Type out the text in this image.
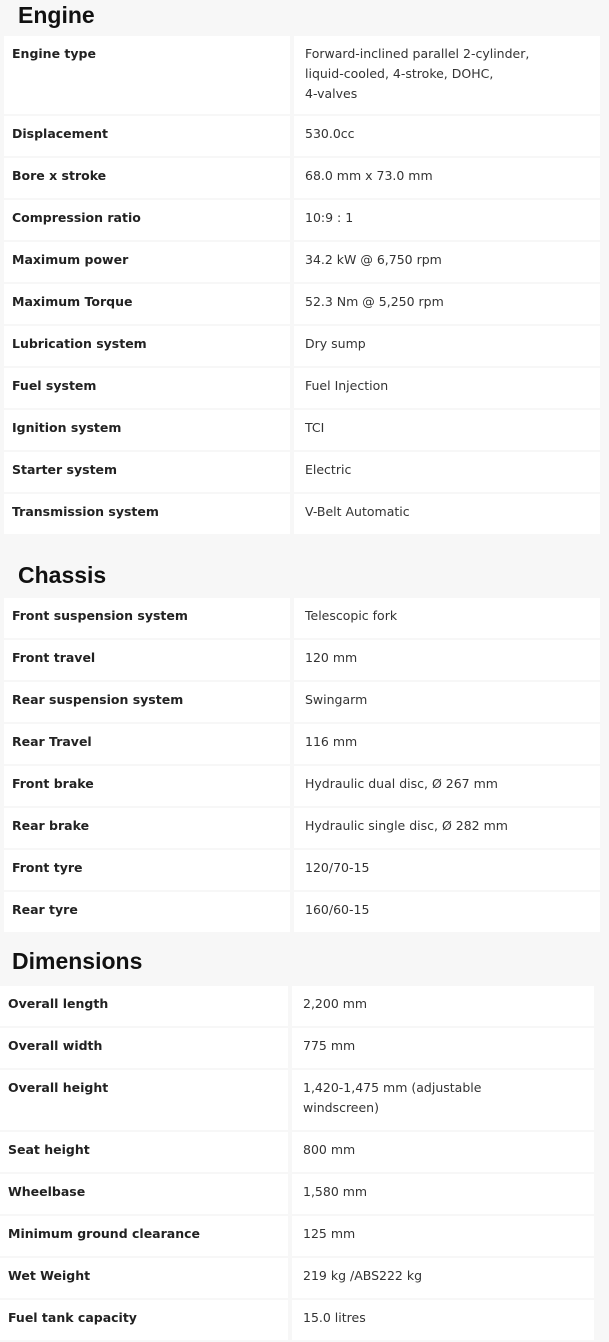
Engine
Engine type	Forward-inclined parallel 2-cylinder,
liquid-cooled, 4-stroke, DOHC,
4-valves
Displacement	530.0cc
Bore x stroke	68.0 mm x 73.0 mm
Compression ratio	10:9 : 1
Maximum power	34.2 kW @ 6,750 rpm
Maximum Torque	52.3 Nm @ 5,250 rpm
Lubrication system	Dry sump
Fuel system	Fuel Injection
Ignition system	TCI
Starter system	Electric
Transmission system	V-Belt Automatic
Chassis
Front suspension system	Telescopic fork
Front travel	120 mm
Rear suspension system	Swingarm
Rear Travel	116 mm
Front brake	Hydraulic dual disc, Ø 267 mm
Rear brake	Hydraulic single disc, Ø 282 mm
Front tyre	120/70-15
Rear tyre	160/60-15
Dimensions
Overall length	2,200 mm
Overall width	775 mm
Overall height	1,420-1,475 mm (adjustable
windscreen)
Seat height	800 mm
Wheelbase	1,580 mm
Minimum ground clearance	125 mm
Wet Weight	219 kg /ABS222 kg
Fuel tank capacity	15.0 litres
